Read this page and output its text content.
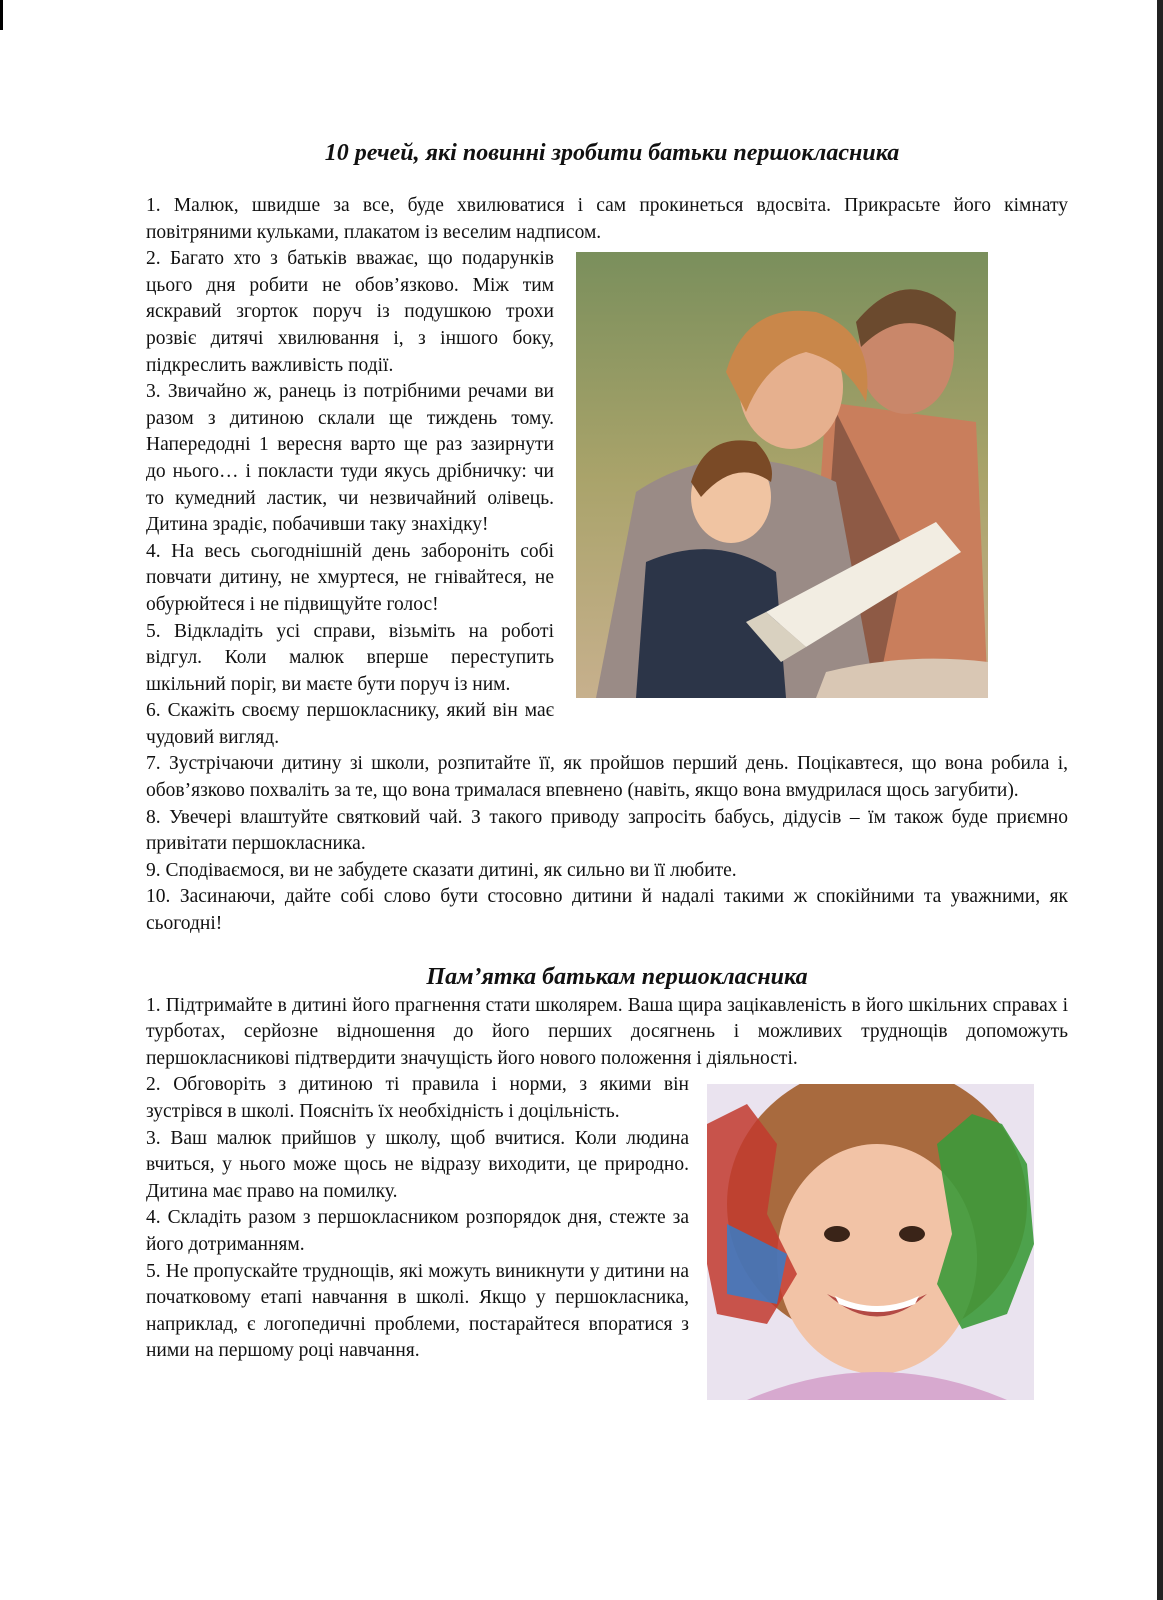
10 речей, які повинні зробити батьки першокласника

1. Малюк, швидше за все, буде хвилюватися і сам прокинеться вдосвіта. Прикрасьте його кімнату повітряними кульками, плакатом із веселим надписом.

2. Багато хто з батьків вважає, що подарунків цього дня робити не обов’язково. Між тим яскравий згорток поруч із подушкою трохи розвіє дитячі хвилювання і, з іншого боку, підкреслить важливість події.

3. Звичайно ж, ранець із потрібними речами ви разом з дитиною склали ще тиждень тому. Напередодні 1 вересня варто ще раз зазирнути до нього… і покласти туди якусь дрібничку: чи то кумедний ластик, чи незвичайний олівець. Дитина зрадіє, побачивши таку знахідку!

4. На весь сьогоднішній день забороніть собі повчати дитину, не хмуртеся, не гнівайтеся, не обурюйтеся і не підвищуйте голос!

5. Відкладіть усі справи, візьміть на роботі відгул. Коли малюк вперше переступить шкільний поріг, ви маєте бути поруч із ним.

6. Скажіть своєму першокласнику, який він має чудовий вигляд.

7. Зустрічаючи дитину зі школи, розпитайте її, як пройшов перший день. Поцікавтеся, що вона робила і, обов’язково похваліть за те, що вона трималася впевнено (навіть, якщо вона вмудрилася щось загубити).

8. Увечері влаштуйте святковий чай. З такого приводу запросіть бабусь, дідусів – їм також буде приємно привітати першокласника.

9. Сподіваємося, ви не забудете сказати дитині, як сильно ви її любите.

10. Засинаючи, дайте собі слово бути стосовно дитини й надалі такими ж спокійними та уважними, як сьогодні!

Пам’ятка батькам першокласника

1. Підтримайте в дитині його прагнення стати школярем. Ваша щира зацікавленість в його шкільних справах і турботах, серйозне відношення до його перших досягнень і можливих труднощів допоможуть першокласникові підтвердити значущість його нового положення і діяльності.

2. Обговоріть з дитиною ті правила і норми, з якими він зустрівся в школі. Поясніть їх необхідність і доцільність.

3. Ваш малюк прийшов у школу, щоб вчитися. Коли людина вчиться, у нього може щось не відразу виходити, це природно. Дитина має право на помилку.

4. Складіть разом з першокласником розпорядок дня, стежте за його дотриманням.

5. Не пропускайте труднощів, які можуть виникнути у дитини на початковому етапі навчання в школі. Якщо у першокласника, наприклад, є логопедичні проблеми, постарайтеся впоратися з ними на першому році навчання.
